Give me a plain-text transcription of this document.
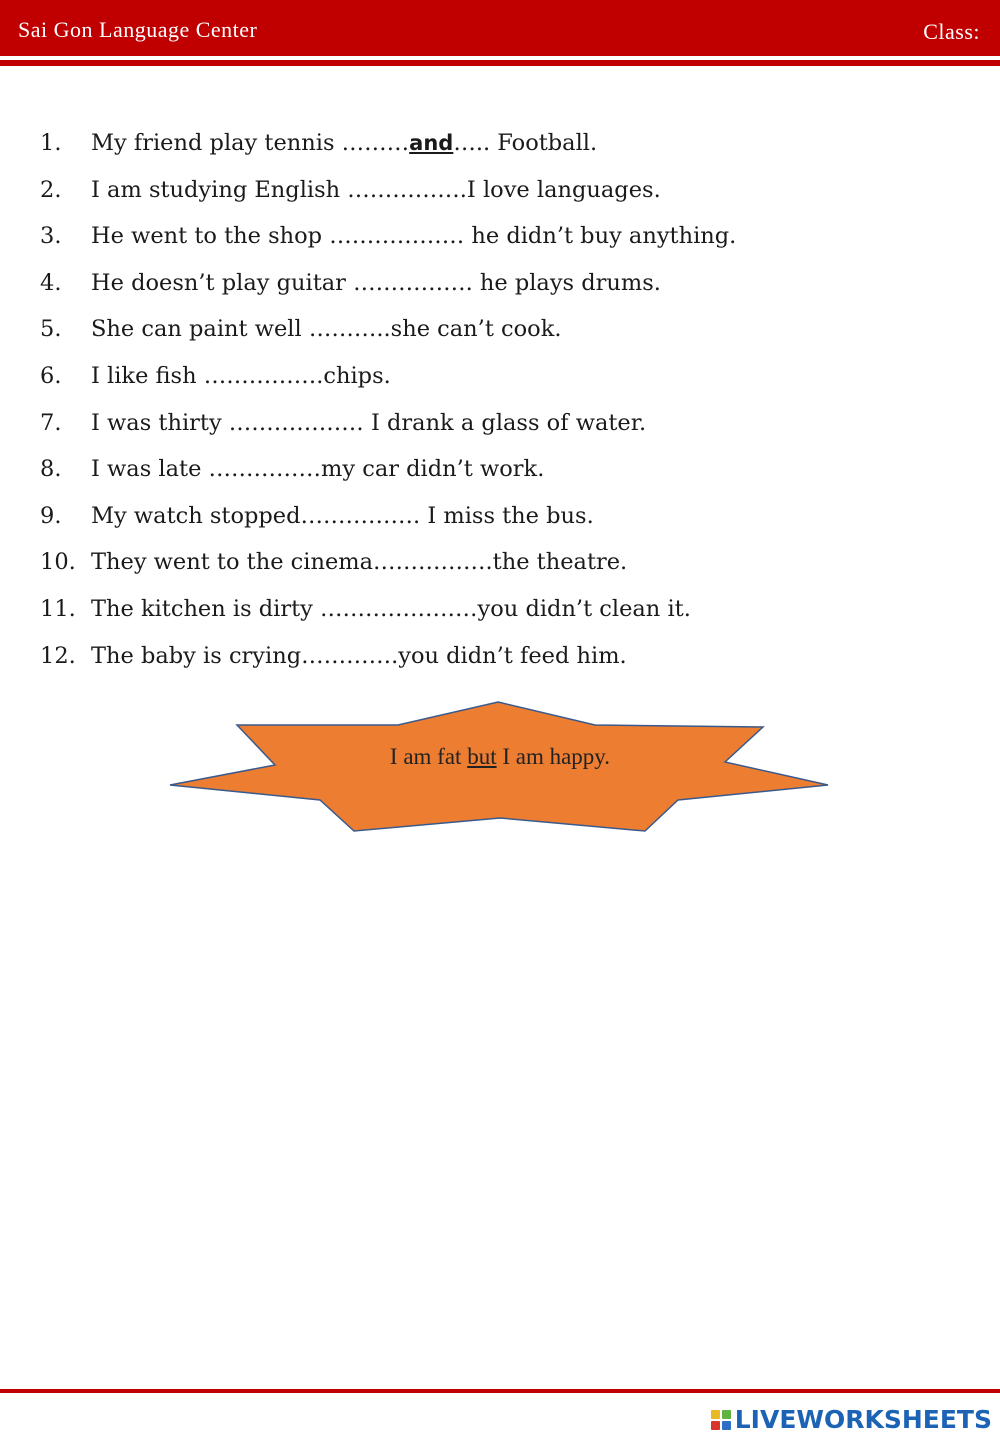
Sai Gon Language Center	Class:
1. My friend play tennis ………and….. Football.
2. I am studying English …………….I love languages.
3. He went to the shop ……………… he didn’t buy anything.
4. He doesn’t play guitar ……………. he plays drums.
5. She can paint well ………..she can’t cook.
6. I like fish …………….chips.
7. I was thirty ……………… I drank a glass of water.
8. I was late ……………my car didn’t work.
9. My watch stopped……………. I miss the bus.
10. They went to the cinema…………….the theatre.
11. The kitchen is dirty …………………you didn’t clean it.
12. The baby is crying………….you didn’t feed him.
I am fat but I am happy.
LIVEWORKSHEETS
